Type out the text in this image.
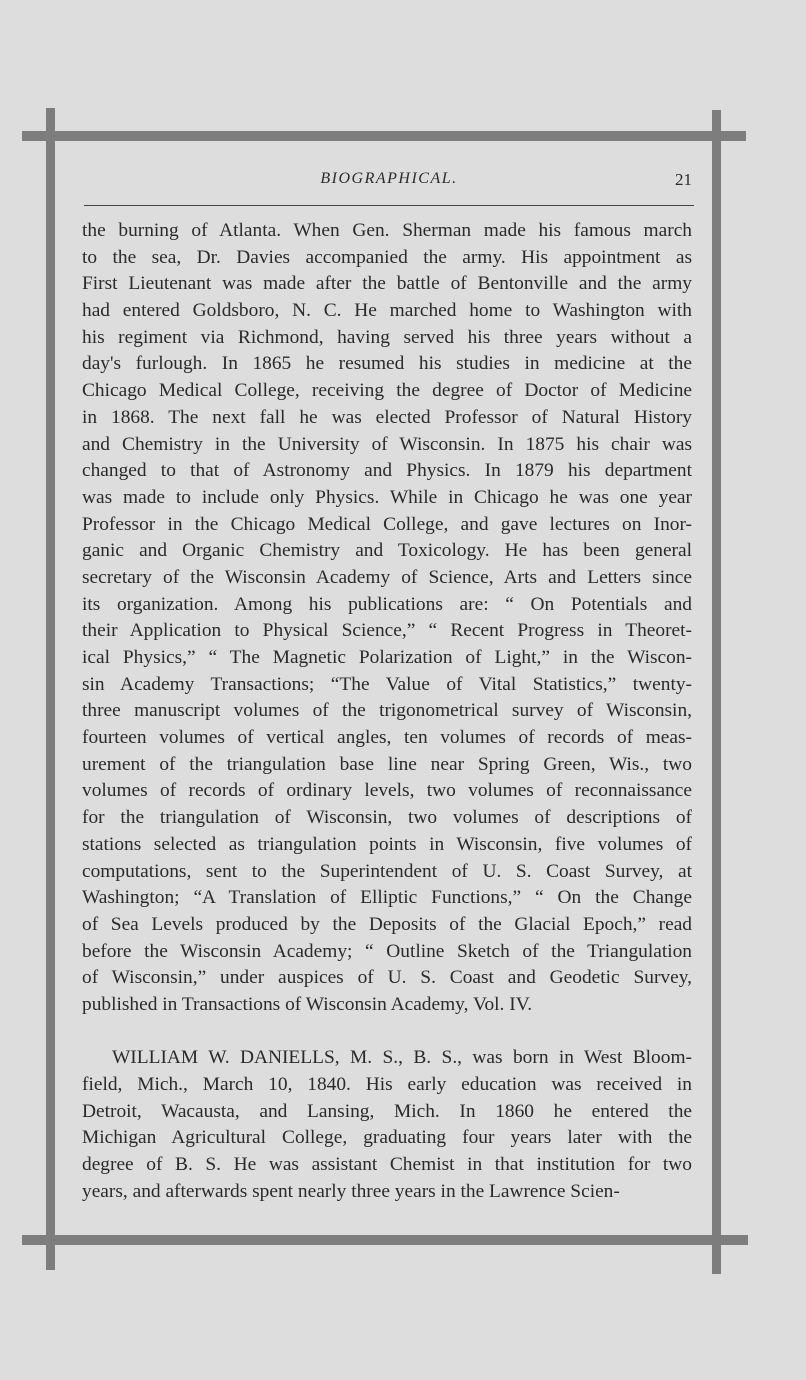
BIOGRAPHICAL.	21
the burning of Atlanta. When Gen. Sherman made his famous march
to the sea, Dr. Davies accompanied the army. His appointment as
First Lieutenant was made after the battle of Bentonville and the army
had entered Goldsboro, N. C. He marched home to Washington with
his regiment via Richmond, having served his three years without a
day's furlough. In 1865 he resumed his studies in medicine at the
Chicago Medical College, receiving the degree of Doctor of Medicine
in 1868. The next fall he was elected Professor of Natural History
and Chemistry in the University of Wisconsin. In 1875 his chair was
changed to that of Astronomy and Physics. In 1879 his department
was made to include only Physics. While in Chicago he was one year
Professor in the Chicago Medical College, and gave lectures on Inor-
ganic and Organic Chemistry and Toxicology. He has been general
secretary of the Wisconsin Academy of Science, Arts and Letters since
its organization. Among his publications are: “ On Potentials and
their Application to Physical Science,” “ Recent Progress in Theoret-
ical Physics,” “ The Magnetic Polarization of Light,” in the Wiscon-
sin Academy Transactions; “The Value of Vital Statistics,” twenty-
three manuscript volumes of the trigonometrical survey of Wisconsin,
fourteen volumes of vertical angles, ten volumes of records of meas-
urement of the triangulation base line near Spring Green, Wis., two
volumes of records of ordinary levels, two volumes of reconnaissance
for the triangulation of Wisconsin, two volumes of descriptions of
stations selected as triangulation points in Wisconsin, five volumes of
computations, sent to the Superintendent of U. S. Coast Survey, at
Washington; “A Translation of Elliptic Functions,” “ On the Change
of Sea Levels produced by the Deposits of the Glacial Epoch,” read
before the Wisconsin Academy; “ Outline Sketch of the Triangulation
of Wisconsin,” under auspices of U. S. Coast and Geodetic Survey,
published in Transactions of Wisconsin Academy, Vol. IV.
WILLIAM W. DANIELLS, M. S., B. S., was born in West Bloom-
field, Mich., March 10, 1840. His early education was received in
Detroit, Wacausta, and Lansing, Mich. In 1860 he entered the
Michigan Agricultural College, graduating four years later with the
degree of B. S. He was assistant Chemist in that institution for two
years, and afterwards spent nearly three years in the Lawrence Scien-
